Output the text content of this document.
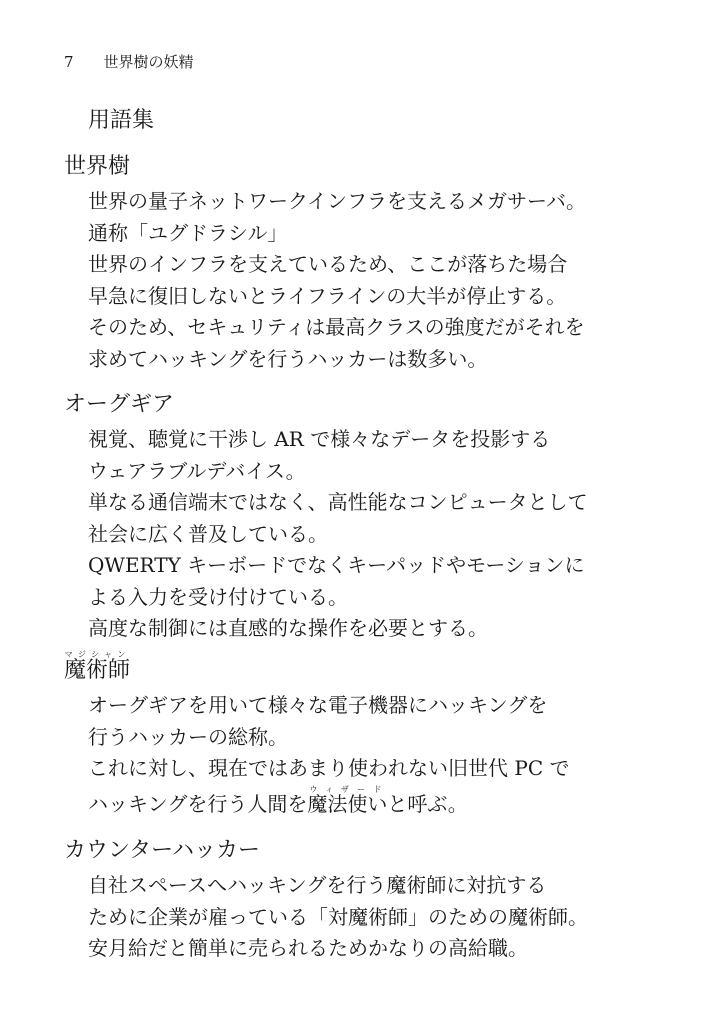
7 世界樹の妖精
用語集
世界樹

世界の量子ネットワークインフラを支えるメガサーバ。
通称「ユグドラシル」
世界のインフラを支えているため、ここが落ちた場合
早急に復旧しないとライフラインの大半が停止する。
そのため、セキュリティは最高クラスの強度だがそれを
求めてハッキングを行うハッカーは数多い。

オーグギア

視覚、聴覚に干渉し AR で様々なデータを投影する
ウェアラブルデバイス。
単なる通信端末ではなく、高性能なコンピュータとして
社会に広く普及している。
QWERTY キーボードでなくキーパッドやモーションに
よる入力を受け付けている。
高度な制御には直感的な操作を必要とする。

魔術師マジシャン

オーグギアを用いて様々な電子機器にハッキングを
行うハッカーの総称。
これに対し、現在ではあまり使われない旧世代 PC で
ハッキングを行う人間を魔法使いウィザードと呼ぶ。

カウンターハッカー

自社スペースへハッキングを行う魔術師に対抗する
ために企業が雇っている「対魔術師」のための魔術師。
安月給だと簡単に売られるためかなりの高給職。
